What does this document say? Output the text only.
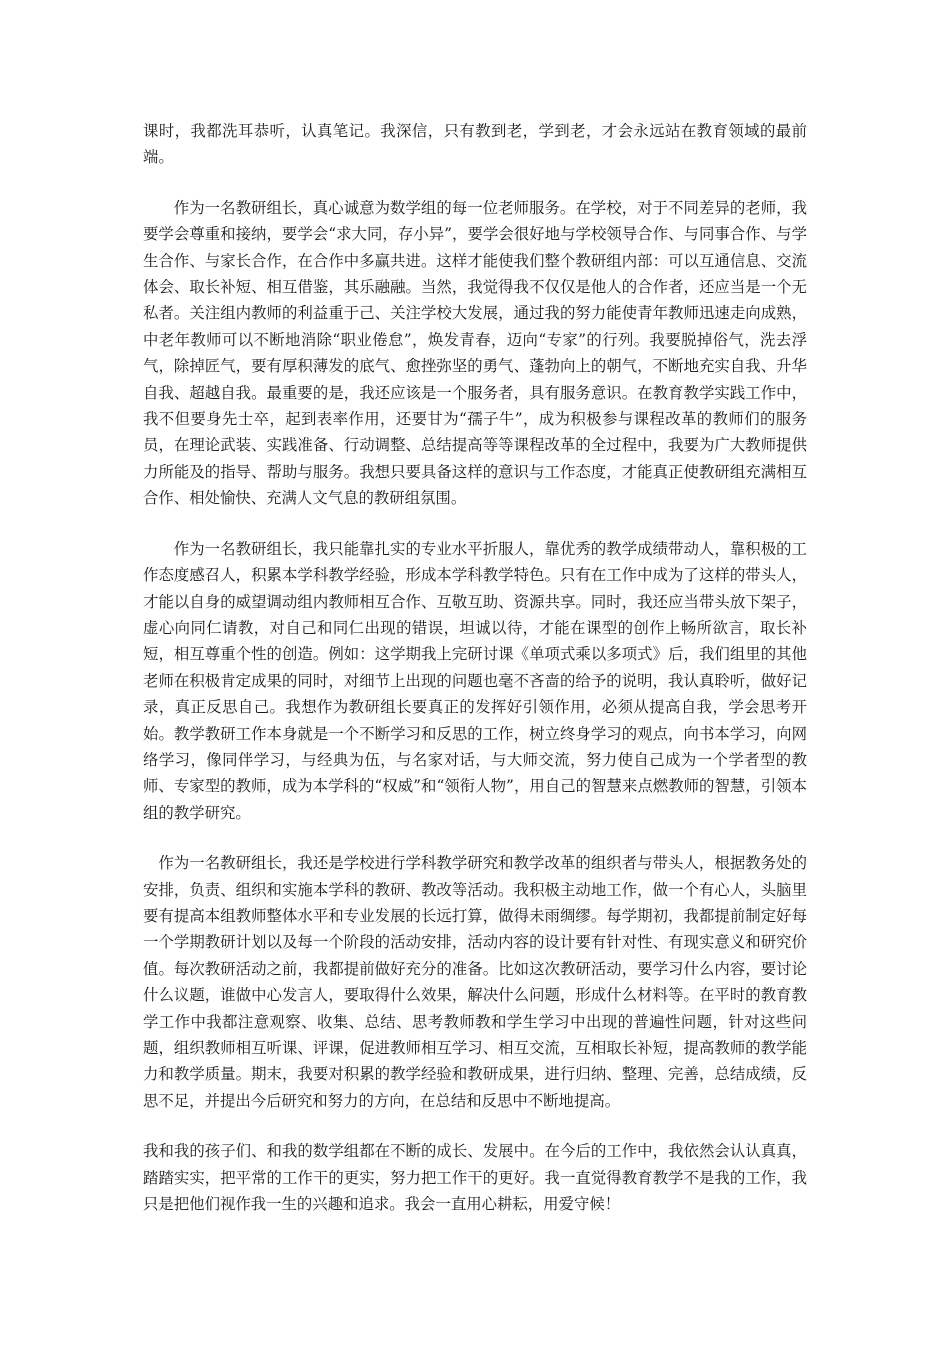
课时，我都洗耳恭听，认真笔记。我深信，只有教到老，学到老，才会永远站在教育领域的最前端。

作为一名教研组长，真心诚意为数学组的每一位老师服务。在学校，对于不同差异的老师，我要学会尊重和接纳，要学会“求大同，存小异”，要学会很好地与学校领导合作、与同事合作、与学生合作、与家长合作，在合作中多赢共进。这样才能使我们整个教研组内部：可以互通信息、交流体会、取长补短、相互借鉴，其乐融融。当然，我觉得我不仅仅是他人的合作者，还应当是一个无私者。关注组内教师的利益重于己、关注学校大发展，通过我的努力能使青年教师迅速走向成熟，中老年教师可以不断地消除“职业倦怠”，焕发青春，迈向“专家”的行列。我要脱掉俗气，洗去浮气，除掉匠气，要有厚积薄发的底气、愈挫弥坚的勇气、蓬勃向上的朝气，不断地充实自我、升华自我、超越自我。最重要的是，我还应该是一个服务者，具有服务意识。在教育教学实践工作中，我不但要身先士卒，起到表率作用，还要甘为“孺子牛”，成为积极参与课程改革的教师们的服务员，在理论武装、实践准备、行动调整、总结提高等等课程改革的全过程中，我要为广大教师提供力所能及的指导、帮助与服务。我想只要具备这样的意识与工作态度，才能真正使教研组充满相互合作、相处愉快、充满人文气息的教研组氛围。

作为一名教研组长，我只能靠扎实的专业水平折服人，靠优秀的教学成绩带动人，靠积极的工作态度感召人，积累本学科教学经验，形成本学科教学特色。只有在工作中成为了这样的带头人，才能以自身的威望调动组内教师相互合作、互敬互助、资源共享。同时，我还应当带头放下架子，虚心向同仁请教，对自己和同仁出现的错误，坦诚以待，才能在课型的创作上畅所欲言，取长补短，相互尊重个性的创造。例如：这学期我上完研讨课《单项式乘以多项式》后，我们组里的其他老师在积极肯定成果的同时，对细节上出现的问题也毫不吝啬的给予的说明，我认真聆听，做好记录，真正反思自己。我想作为教研组长要真正的发挥好引领作用，必须从提高自我，学会思考开始。教学教研工作本身就是一个不断学习和反思的工作，树立终身学习的观点，向书本学习，向网络学习，像同伴学习，与经典为伍，与名家对话，与大师交流，努力使自己成为一个学者型的教师、专家型的教师，成为本学科的“权威”和“领衔人物”，用自己的智慧来点燃教师的智慧，引领本组的教学研究。

作为一名教研组长，我还是学校进行学科教学研究和教学改革的组织者与带头人，根据教务处的安排，负责、组织和实施本学科的教研、教改等活动。我积极主动地工作，做一个有心人，头脑里要有提高本组教师整体水平和专业发展的长远打算，做得未雨绸缪。每学期初，我都提前制定好每一个学期教研计划以及每一个阶段的活动安排，活动内容的设计要有针对性、有现实意义和研究价值。每次教研活动之前，我都提前做好充分的准备。比如这次教研活动，要学习什么内容，要讨论什么议题，谁做中心发言人，要取得什么效果，解决什么问题，形成什么材料等。在平时的教育教学工作中我都注意观察、收集、总结、思考教师教和学生学习中出现的普遍性问题，针对这些问题，组织教师相互听课、评课，促进教师相互学习、相互交流，互相取长补短，提高教师的教学能力和教学质量。期末，我要对积累的教学经验和教研成果，进行归纳、整理、完善，总结成绩，反思不足，并提出今后研究和努力的方向，在总结和反思中不断地提高。

我和我的孩子们、和我的数学组都在不断的成长、发展中。在今后的工作中，我依然会认认真真，踏踏实实，把平常的工作干的更实，努力把工作干的更好。我一直觉得教育教学不是我的工作，我只是把他们视作我一生的兴趣和追求。我会一直用心耕耘，用爱守候！
